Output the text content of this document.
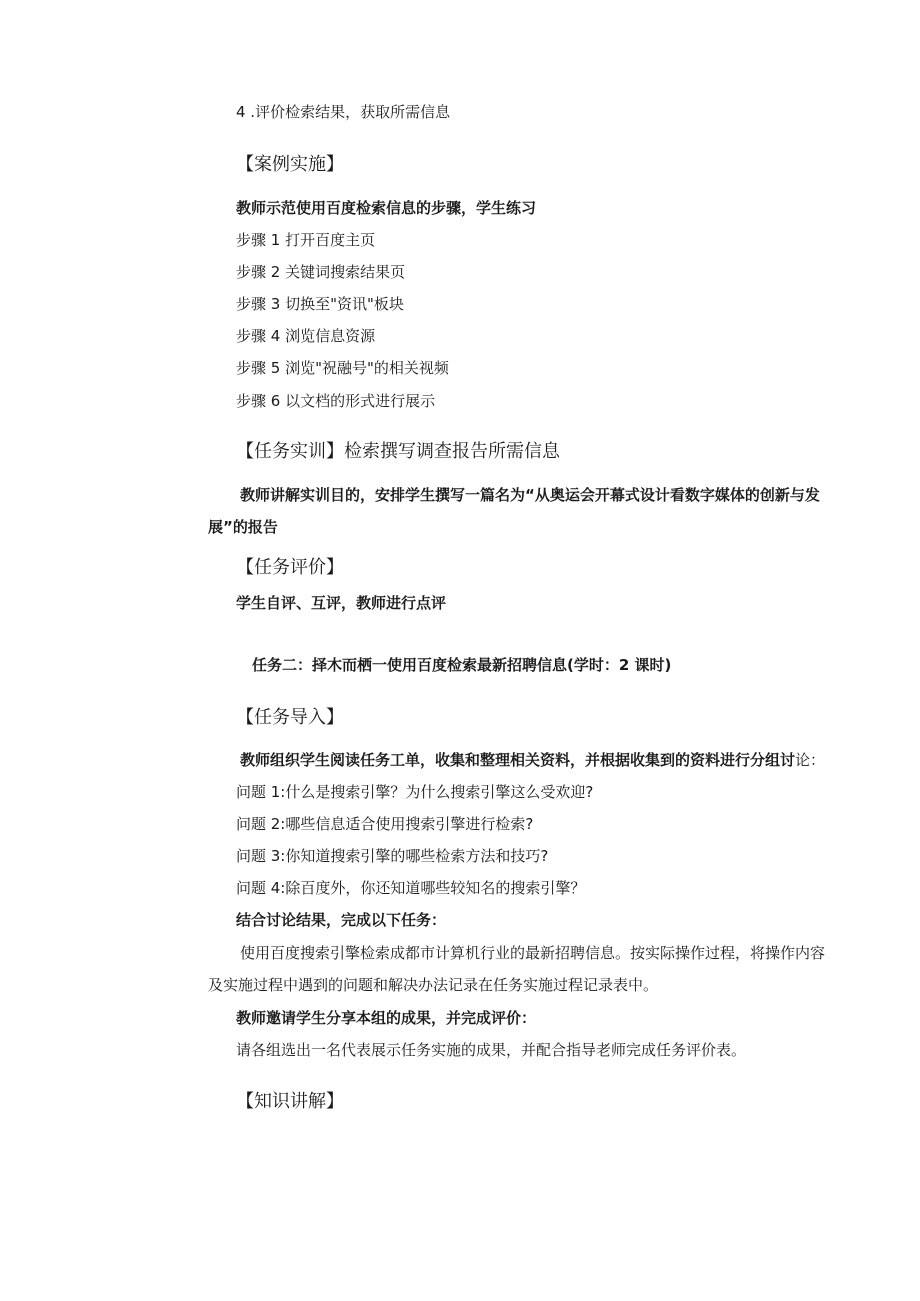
4 .评价检索结果，获取所需信息
【案例实施】
教师示范使用百度检索信息的步骤，学生练习
步骤 1 打开百度主页
步骤 2 关键词搜索结果页
步骤 3 切换至"资讯"板块
步骤 4 浏览信息资源
步骤 5 浏览"祝融号"的相关视频
步骤 6 以文档的形式进行展示
【任务实训】检索撰写调查报告所需信息
教师讲解实训目的，安排学生撰写一篇名为“从奥运会开幕式设计看数字媒体的创新与发
展”的报告
【任务评价】
学生自评、互评，教师进行点评
任务二：择木而栖一使用百度检索最新招聘信息(学时：2 课时)
【任务导入】
教师组织学生阅读任务工单，收集和整理相关资料，并根据收集到的资料进行分组讨论：
问题 1:什么是搜索引擎？为什么搜索引擎这么受欢迎?
问题 2:哪些信息适合使用搜索引擎进行检索?
问题 3:你知道搜索引擎的哪些检索方法和技巧?
问题 4:除百度外，你还知道哪些较知名的搜索引擎？
结合讨论结果，完成以下任务：
使用百度搜索引擎检索成都市计算机行业的最新招聘信息。按实际操作过程，将操作内容
及实施过程中遇到的问题和解决办法记录在任务实施过程记录表中。
教师邀请学生分享本组的成果，并完成评价：
请各组选出一名代表展示任务实施的成果，并配合指导老师完成任务评价表。
【知识讲解】
